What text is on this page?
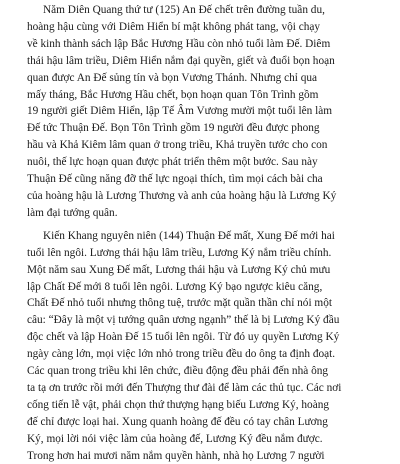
Năm Diên Quang thứ tư (125) An Đế chết trên đường tuần du,
hoàng hậu cùng với Diêm Hiển bí mật không phát tang, vội chạy
về kinh thành sách lập Bắc Hương Hầu còn nhỏ tuổi làm Đế. Diêm
thái hậu lâm triều, Diêm Hiển nắm đại quyền, giết và đuổi bọn hoạn
quan được An Đế sủng tín và bọn Vương Thánh. Nhưng chỉ qua
mấy tháng, Bắc Hương Hầu chết, bọn hoạn quan Tôn Trình gồm
19 người giết Diêm Hiển, lập Tế Âm Vương mười một tuổi lên làm
Đế tức Thuận Đế. Bọn Tôn Trình gồm 19 người đều được phong
hầu và Khả Kiêm lâm quan ở trong triều, Khả truyền tước cho con
nuôi, thế lực hoạn quan được phát triển thêm một bước. Sau này
Thuận Đế cũng năng đỡ thế lực ngoại thích, tìm mọi cách bài cha
của hoàng hậu là Lương Thương và anh của hoàng hậu là Lương Ký
làm đại tướng quân.

Kiến Khang nguyên niên (144) Thuận Đế mất, Xung Đế mới hai
tuổi lên ngôi. Lương thái hậu lâm triều, Lương Ký nắm triều chính.
Một năm sau Xung Đế mất, Lương thái hậu và Lương Ký chủ mưu
lập Chất Đế mới 8 tuổi lên ngôi. Lương Ký bạo ngược kiêu căng,
Chất Đế nhỏ tuổi nhưng thông tuệ, trước mặt quần thần chỉ nói một
câu: “Đây là một vị tướng quân ương ngạnh” thế là bị Lương Ký đầu
độc chết và lập Hoàn Đế 15 tuổi lên ngôi. Từ đó uy quyền Lương Ký
ngày càng lớn, mọi việc lớn nhỏ trong triều đều do ông ta định đoạt.
Các quan trong triều khi lên chức, điều động đều phải đến nhà ông
ta tạ ơn trước rồi mới đến Thượng thư đài để làm các thủ tục. Các nơi
cống tiến lễ vật, phải chọn thứ thượng hạng biếu Lương Ký, hoàng
đế chỉ được loại hai. Xung quanh hoàng đế đều có tay chân Lương
Ký, mọi lời nói việc làm của hoàng đế, Lương Ký đều nắm được.
Trong hơn hai mươi năm nắm quyền hành, nhà họ Lương 7 người
